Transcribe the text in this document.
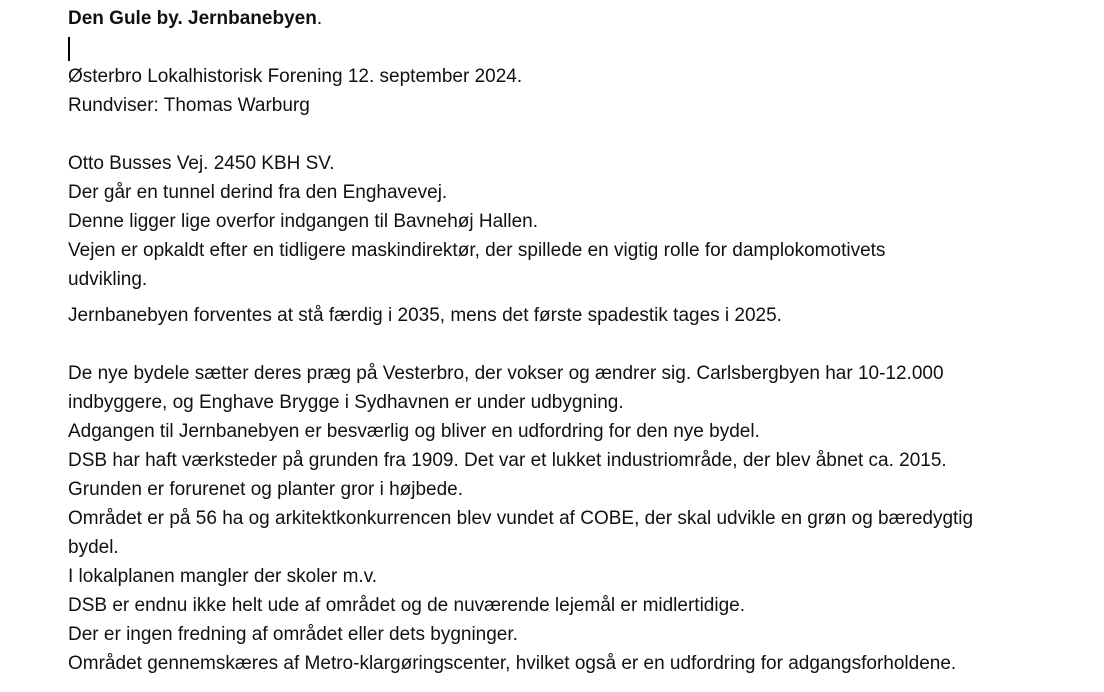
Den Gule by. Jernbanebyen.
Østerbro Lokalhistorisk Forening 12. september 2024.
Rundviser: Thomas Warburg
Otto Busses Vej. 2450 KBH SV.
Der går en tunnel derind fra den Enghavevej.
Denne ligger lige overfor indgangen til Bavnehøj Hallen.
Vejen er opkaldt efter en tidligere maskindirektør, der spillede en vigtig rolle for damplokomotivets
udvikling.
Jernbanebyen forventes at stå færdig i 2035, mens det første spadestik tages i 2025.
De nye bydele sætter deres præg på Vesterbro, der vokser og ændrer sig. Carlsbergbyen har 10-12.000
indbyggere, og Enghave Brygge i Sydhavnen er under udbygning.
Adgangen til Jernbanebyen er besværlig og bliver en udfordring for den nye bydel.
DSB har haft værksteder på grunden fra 1909. Det var et lukket industriområde, der blev åbnet ca. 2015.
Grunden er forurenet og planter gror i højbede.
Området er på 56 ha og arkitektkonkurrencen blev vundet af COBE, der skal udvikle en grøn og bæredygtig
bydel.
I lokalplanen mangler der skoler m.v.
DSB er endnu ikke helt ude af området og de nuværende lejemål er midlertidige.
Der er ingen fredning af området eller dets bygninger.
Området gennemskæres af Metro-klargøringscenter, hvilket også er en udfordring for adgangsforholdene.
